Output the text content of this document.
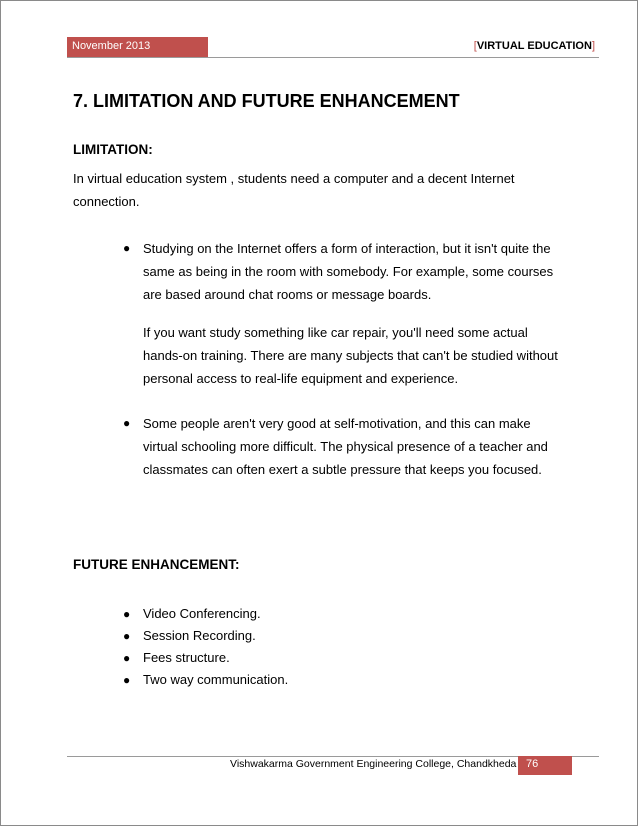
November 2013	[VIRTUAL EDUCATION]
7. LIMITATION AND FUTURE ENHANCEMENT
LIMITATION:
In virtual education system , students need a computer and a decent Internet connection.
● Studying on the Internet offers a form of interaction, but it isn't quite the same as being in the room with somebody. For example, some courses are based around chat rooms or message boards.
If you want study something like car repair, you'll need some actual hands-on training. There are many subjects that can't be studied without personal access to real-life equipment and experience.
● Some people aren't very good at self-motivation, and this can make virtual schooling more difficult. The physical presence of a teacher and classmates can often exert a subtle pressure that keeps you focused.
FUTURE ENHANCEMENT:
● Video Conferencing.
● Session Recording.
● Fees structure.
● Two way communication.
Vishwakarma Government Engineering College, Chandkheda 76
